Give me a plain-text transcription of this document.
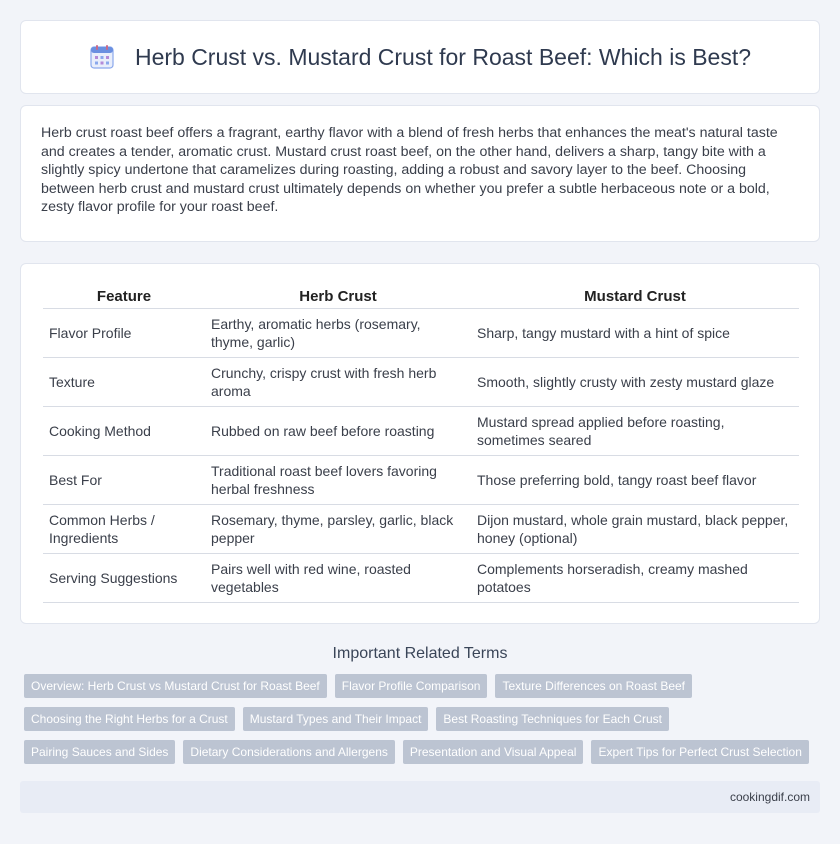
Herb Crust vs. Mustard Crust for Roast Beef: Which is Best?

Herb crust roast beef offers a fragrant, earthy flavor with a blend of fresh herbs that enhances the meat's natural taste and creates a tender, aromatic crust. Mustard crust roast beef, on the other hand, delivers a sharp, tangy bite with a slightly spicy undertone that caramelizes during roasting, adding a robust and savory layer to the beef. Choosing between herb crust and mustard crust ultimately depends on whether you prefer a subtle herbaceous note or a bold, zesty flavor profile for your roast beef.

Feature	Herb Crust	Mustard Crust
Flavor Profile	Earthy, aromatic herbs (rosemary, thyme, garlic)	Sharp, tangy mustard with a hint of spice
Texture	Crunchy, crispy crust with fresh herb aroma	Smooth, slightly crusty with zesty mustard glaze
Cooking Method	Rubbed on raw beef before roasting	Mustard spread applied before roasting, sometimes seared
Best For	Traditional roast beef lovers favoring herbal freshness	Those preferring bold, tangy roast beef flavor
Common Herbs / Ingredients	Rosemary, thyme, parsley, garlic, black pepper	Dijon mustard, whole grain mustard, black pepper, honey (optional)
Serving Suggestions	Pairs well with red wine, roasted vegetables	Complements horseradish, creamy mashed potatoes
Important Related Terms
Overview: Herb Crust vs Mustard Crust for Roast Beef	Flavor Profile Comparison	Texture Differences on Roast Beef
Choosing the Right Herbs for a Crust	Mustard Types and Their Impact	Best Roasting Techniques for Each Crust
Pairing Sauces and Sides	Dietary Considerations and Allergens	Presentation and Visual Appeal	Expert Tips for Perfect Crust Selection
cookingdif.com
